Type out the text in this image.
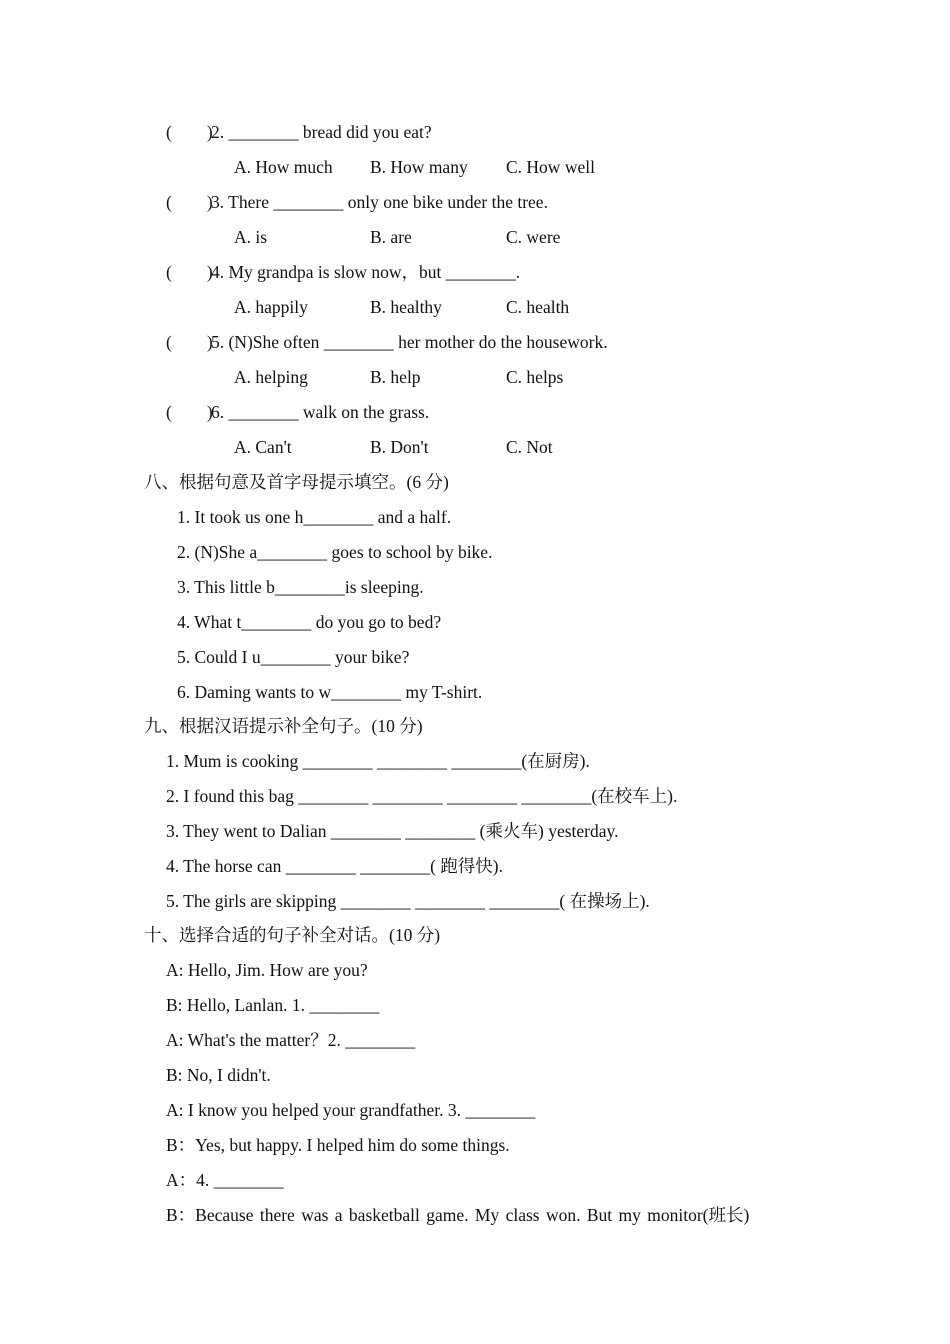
(        )
2. ________ bread did you eat?
A. How much B. How many C. How well
(        )
3. There ________ only one bike under the tree.
A. is	B. are	C. were
(        )
4. My grandpa is slow now，but ________.
A. happily	B. healthy	C. health
(        )
5. (N)She often ________ her mother do the housework.
A. helping	B. help	C. helps
(        )
6. ________ walk on the grass.
A. Can't	B. Don't	C. Not
八、根据句意及首字母提示填空。(6 分)
1. It took us one h________ and a half.
2. (N)She a________ goes to school by bike.
3. This little b________is sleeping.
4. What t________ do you go to bed?
5. Could I u________ your bike?
6. Daming wants to w________ my T-shirt.
九、根据汉语提示补全句子。(10 分)
1. Mum is cooking ________ ________ ________(在厨房).
2. I found this bag ________ ________ ________ ________(在校车上).
3. They went to Dalian ________ ________ (乘火车) yesterday.
4. The horse can ________ ________( 跑得快).
5. The girls are skipping ________ ________ ________( 在操场上).
十、选择合适的句子补全对话。(10 分)
A: Hello, Jim. How are you?
B: Hello, Lanlan. 1. ________
A: What's the matter？2. ________
B: No, I didn't.
A: I know you helped your grandfather. 3. ________
B：Yes, but happy. I helped him do some things.
A：4. ________
B：Because there was a basketball game. My class won. But my monitor(班长)
